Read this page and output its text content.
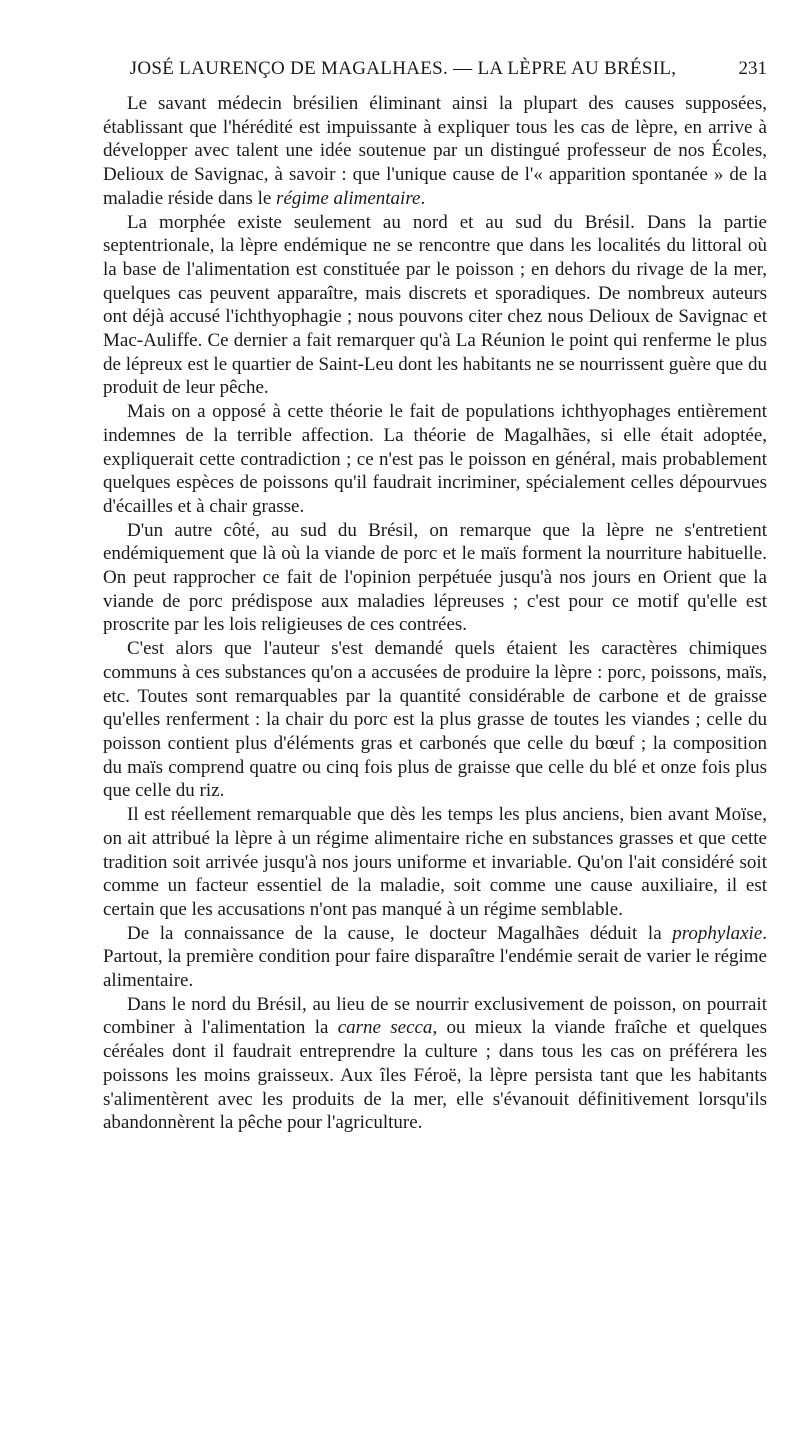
JOSÉ LAURENÇO DE MAGALHAES. — LA LÈPRE AU BRÉSIL,	231

Le savant médecin brésilien éliminant ainsi la plupart des causes supposées, établissant que l'hérédité est impuissante à expliquer tous les cas de lèpre, en arrive à développer avec talent une idée soutenue par un distingué professeur de nos Écoles, Delioux de Savignac, à savoir : que l'unique cause de l'« apparition spontanée » de la maladie réside dans le régime alimentaire.

La morphée existe seulement au nord et au sud du Brésil. Dans la partie septentrionale, la lèpre endémique ne se rencontre que dans les localités du littoral où la base de l'alimentation est constituée par le poisson ; en dehors du rivage de la mer, quelques cas peuvent apparaître, mais discrets et sporadiques. De nombreux auteurs ont déjà accusé l'ichthyophagie ; nous pouvons citer chez nous Delioux de Savignac et Mac-Auliffe. Ce dernier a fait remarquer qu'à La Réunion le point qui renferme le plus de lépreux est le quartier de Saint-Leu dont les habitants ne se nourrissent guère que du produit de leur pêche.

Mais on a opposé à cette théorie le fait de populations ichthyophages entièrement indemnes de la terrible affection. La théorie de Magalhães, si elle était adoptée, expliquerait cette contradiction ; ce n'est pas le poisson en général, mais probablement quelques espèces de poissons qu'il faudrait incriminer, spécialement celles dépourvues d'écailles et à chair grasse.

D'un autre côté, au sud du Brésil, on remarque que la lèpre ne s'entretient endémiquement que là où la viande de porc et le maïs forment la nourriture habituelle. On peut rapprocher ce fait de l'opinion perpétuée jusqu'à nos jours en Orient que la viande de porc prédispose aux maladies lépreuses ; c'est pour ce motif qu'elle est proscrite par les lois religieuses de ces contrées.

C'est alors que l'auteur s'est demandé quels étaient les caractères chimiques communs à ces substances qu'on a accusées de produire la lèpre : porc, poissons, maïs, etc. Toutes sont remarquables par la quantité considérable de carbone et de graisse qu'elles renferment : la chair du porc est la plus grasse de toutes les viandes ; celle du poisson contient plus d'éléments gras et carbonés que celle du bœuf ; la composition du maïs comprend quatre ou cinq fois plus de graisse que celle du blé et onze fois plus que celle du riz.

Il est réellement remarquable que dès les temps les plus anciens, bien avant Moïse, on ait attribué la lèpre à un régime alimentaire riche en substances grasses et que cette tradition soit arrivée jusqu'à nos jours uniforme et invariable. Qu'on l'ait considéré soit comme un facteur essentiel de la maladie, soit comme une cause auxiliaire, il est certain que les accusations n'ont pas manqué à un régime semblable.

De la connaissance de la cause, le docteur Magalhães déduit la prophylaxie. Partout, la première condition pour faire disparaître l'endémie serait de varier le régime alimentaire.

Dans le nord du Brésil, au lieu de se nourrir exclusivement de poisson, on pourrait combiner à l'alimentation la carne secca, ou mieux la viande fraîche et quelques céréales dont il faudrait entreprendre la culture ; dans tous les cas on préférera les poissons les moins graisseux. Aux îles Féroë, la lèpre persista tant que les habitants s'alimentèrent avec les produits de la mer, elle s'évanouit définitivement lorsqu'ils abandonnèrent la pêche pour l'agriculture.
